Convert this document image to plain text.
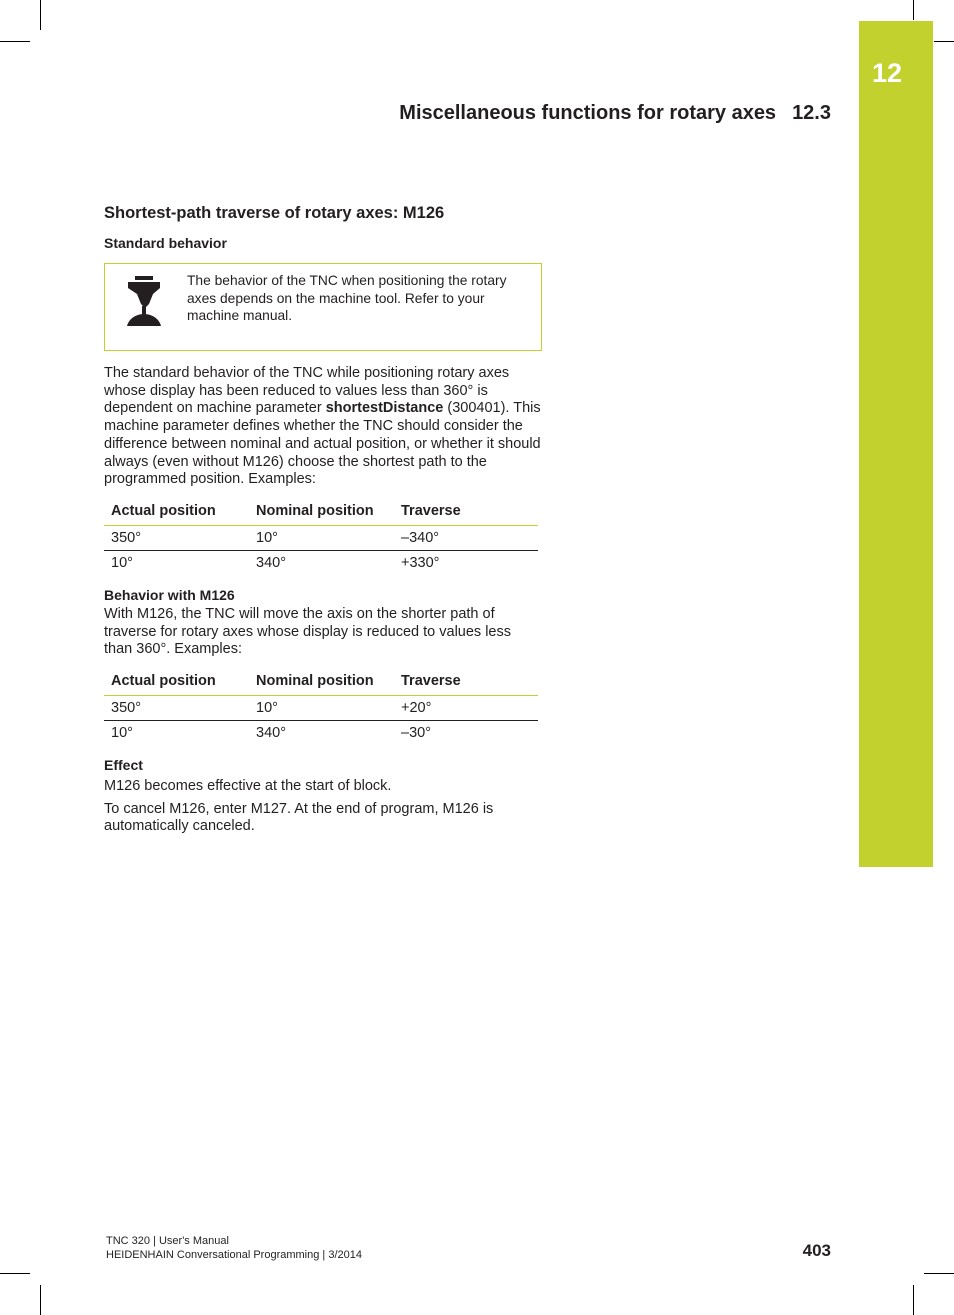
12
Miscellaneous functions for rotary axes 12.3
Shortest-path traverse of rotary axes: M126
Standard behavior
The behavior of the TNC when positioning the rotary axes depends on the machine tool. Refer to your machine manual.

The standard behavior of the TNC while positioning rotary axes whose display has been reduced to values less than 360° is dependent on machine parameter shortestDistance (300401). This machine parameter defines whether the TNC should consider the difference between nominal and actual position, or whether it should always (even without M126) choose the shortest path to the programmed position. Examples:

Actual position	Nominal position	Traverse
350°	10°	–340°
10°	340°	+330°
Behavior with M126

With M126, the TNC will move the axis on the shorter path of traverse for rotary axes whose display is reduced to values less than 360°. Examples:

Actual position	Nominal position	Traverse
350°	10°	+20°
10°	340°	–30°
Effect

M126 becomes effective at the start of block.

To cancel M126, enter M127. At the end of program, M126 is automatically canceled.

TNC 320 | User's Manual
HEIDENHAIN Conversational Programming | 3/2014	403
